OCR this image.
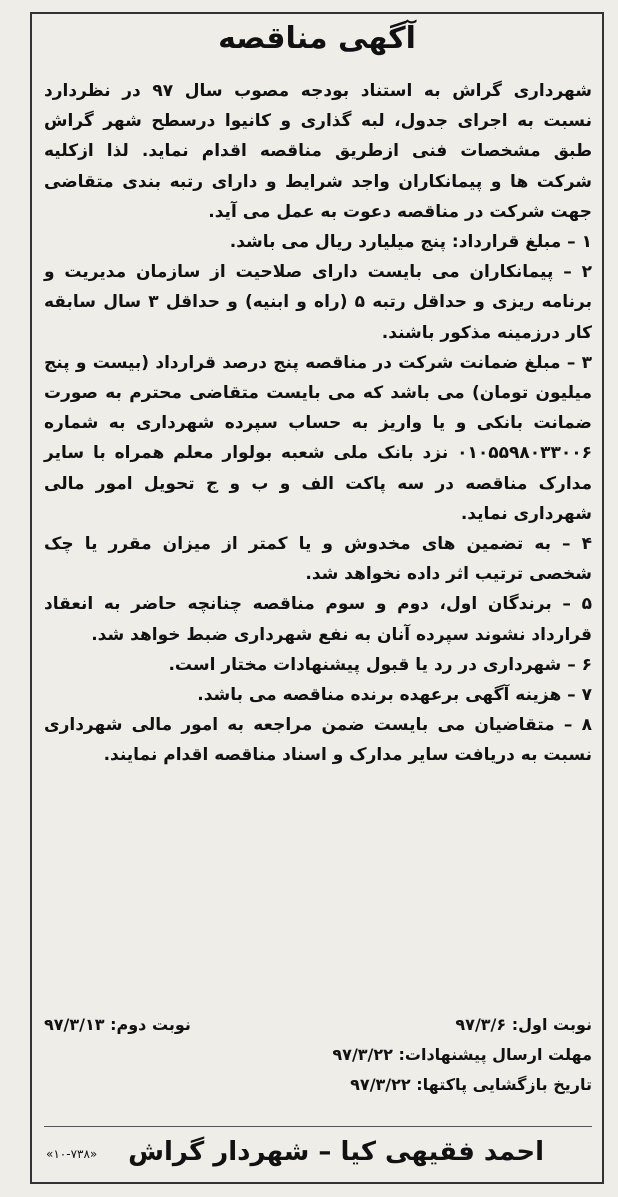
آگهی مناقصه

شهرداری گراش به استناد بودجه مصوب سال ۹۷ در نظردارد نسبت به اجرای جدول، لبه گذاری و کانیوا درسطح شهر گراش طبق مشخصات فنی ازطریق مناقصه اقدام نماید. لذا ازکلیه شرکت ها و پیمانکاران واجد شرایط و دارای رتبه بندی متقاضی جهت شرکت در مناقصه دعوت به عمل می آید.

۱ – مبلغ قرارداد: پنج میلیارد ریال می باشد.

۲ – پیمانکاران می بایست دارای صلاحیت از سازمان مدیریت و برنامه ریزی و حداقل رتبه ۵ (راه و ابنیه) و حداقل ۳ سال سابقه کار درزمینه مذکور باشند.

۳ – مبلغ ضمانت شرکت در مناقصه پنج درصد قرارداد (بیست و پنج میلیون تومان) می باشد که می بایست متقاضی محترم به صورت ضمانت بانکی و یا واریز به حساب سپرده شهرداری به شماره ۰۱۰۵۵۹۸۰۳۳۰۰۶ نزد بانک ملی شعبه بولوار معلم همراه با سایر مدارک مناقصه در سه پاکت الف و ب و ج تحویل امور مالی شهرداری نماید.

۴ – به تضمین های مخدوش و یا کمتر از میزان مقرر یا چک شخصی ترتیب اثر داده نخواهد شد.

۵ – برندگان اول، دوم و سوم مناقصه چنانچه حاضر به انعقاد قرارداد نشوند سپرده آنان به نفع شهرداری ضبط خواهد شد.

۶ – شهرداری در رد یا قبول پیشنهادات مختار است.

۷ – هزینه آگهی برعهده برنده مناقصه می باشد.

۸ – متقاضیان می بایست ضمن مراجعه به امور مالی شهرداری نسبت به دریافت سایر مدارک و اسناد مناقصه اقدام نمایند.

نوبت اول: ۹۷/۳/۶
نوبت دوم: ۹۷/۳/۱۳
مهلت ارسال پیشنهادات: ۹۷/۳/۲۲
تاریخ بازگشایی پاکتها: ۹۷/۳/۲۲
احمد فقیهی کیا – شهردار گراش
«۱۰-۷۳۸»
